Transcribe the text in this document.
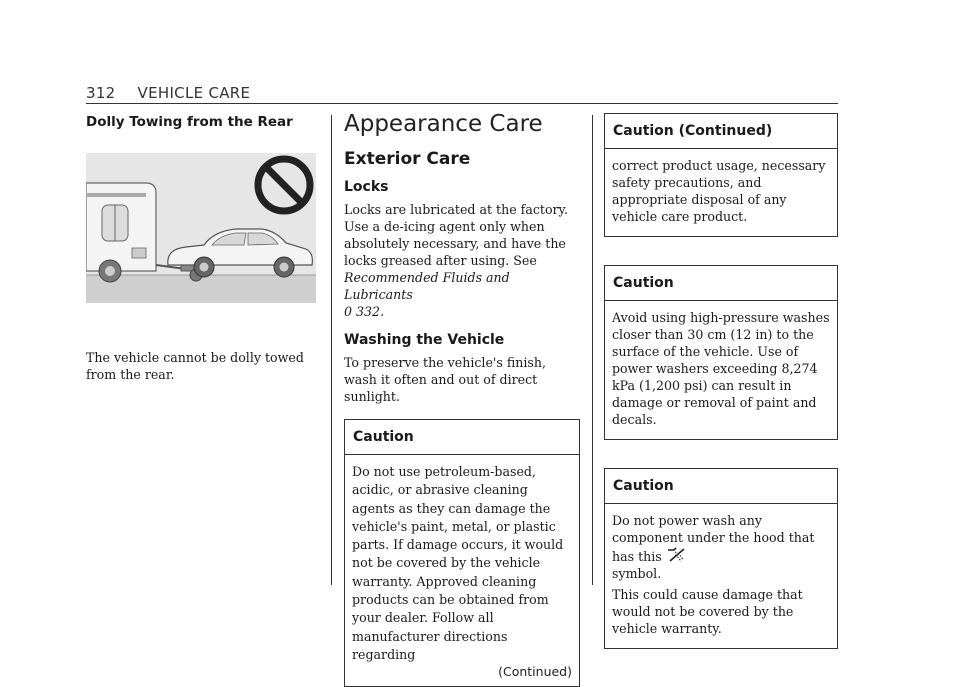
312 VEHICLE CARE
Dolly Towing from the Rear

The vehicle cannot be dolly towed from the rear.

Appearance Care
Exterior Care
Locks

Locks are lubricated at the factory. Use a de-icing agent only when absolutely necessary, and have the locks greased after using. See Recommended Fluids and Lubricants
0 332.

Washing the Vehicle

To preserve the vehicle's finish, wash it often and out of direct sunlight.

Caution

Do not use petroleum-based, acidic, or abrasive cleaning agents as they can damage the vehicle's paint, metal, or plastic parts. If damage occurs, it would not be covered by the vehicle warranty. Approved cleaning products can be obtained from your dealer. Follow all manufacturer directions regarding

(Continued)
Caution (Continued)

correct product usage, necessary safety precautions, and appropriate disposal of any vehicle care product.

Caution

Avoid using high-pressure washes closer than 30 cm (12 in) to the surface of the vehicle. Use of power washers exceeding 8,274 kPa (1,200 psi) can result in damage or removal of paint and decals.

Caution

Do not power wash any component under the hood that has this
symbol.

This could cause damage that would not be covered by the vehicle warranty.
